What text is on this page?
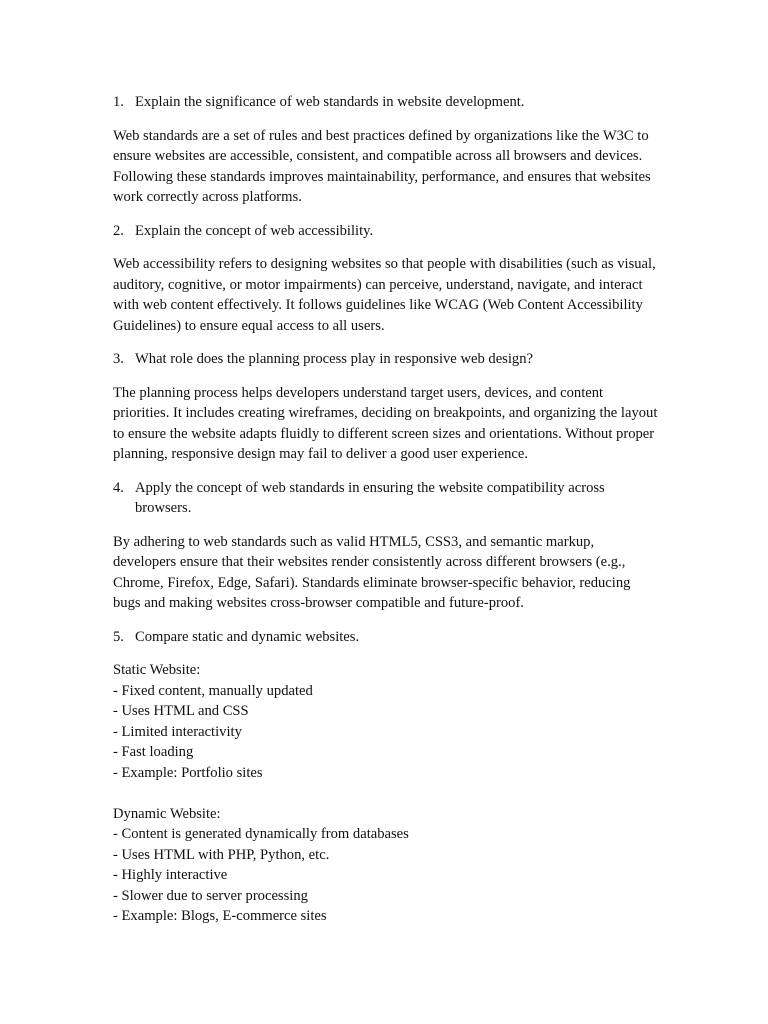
1. Explain the significance of web standards in website development.

Web standards are a set of rules and best practices defined by organizations like the W3C to ensure websites are accessible, consistent, and compatible across all browsers and devices. Following these standards improves maintainability, performance, and ensures that websites work correctly across platforms.

2. Explain the concept of web accessibility.

Web accessibility refers to designing websites so that people with disabilities (such as visual, auditory, cognitive, or motor impairments) can perceive, understand, navigate, and interact with web content effectively. It follows guidelines like WCAG (Web Content Accessibility Guidelines) to ensure equal access to all users.

3. What role does the planning process play in responsive web design?

The planning process helps developers understand target users, devices, and content priorities. It includes creating wireframes, deciding on breakpoints, and organizing the layout to ensure the website adapts fluidly to different screen sizes and orientations. Without proper planning, responsive design may fail to deliver a good user experience.

4. Apply the concept of web standards in ensuring the website compatibility across browsers.

By adhering to web standards such as valid HTML5, CSS3, and semantic markup, developers ensure that their websites render consistently across different browsers (e.g., Chrome, Firefox, Edge, Safari). Standards eliminate browser-specific behavior, reducing bugs and making websites cross-browser compatible and future-proof.

5. Compare static and dynamic websites.
Static Website:
- Fixed content, manually updated
- Uses HTML and CSS
- Limited interactivity
- Fast loading
- Example: Portfolio sites
Dynamic Website:
- Content is generated dynamically from databases
- Uses HTML with PHP, Python, etc.
- Highly interactive
- Slower due to server processing
- Example: Blogs, E-commerce sites
